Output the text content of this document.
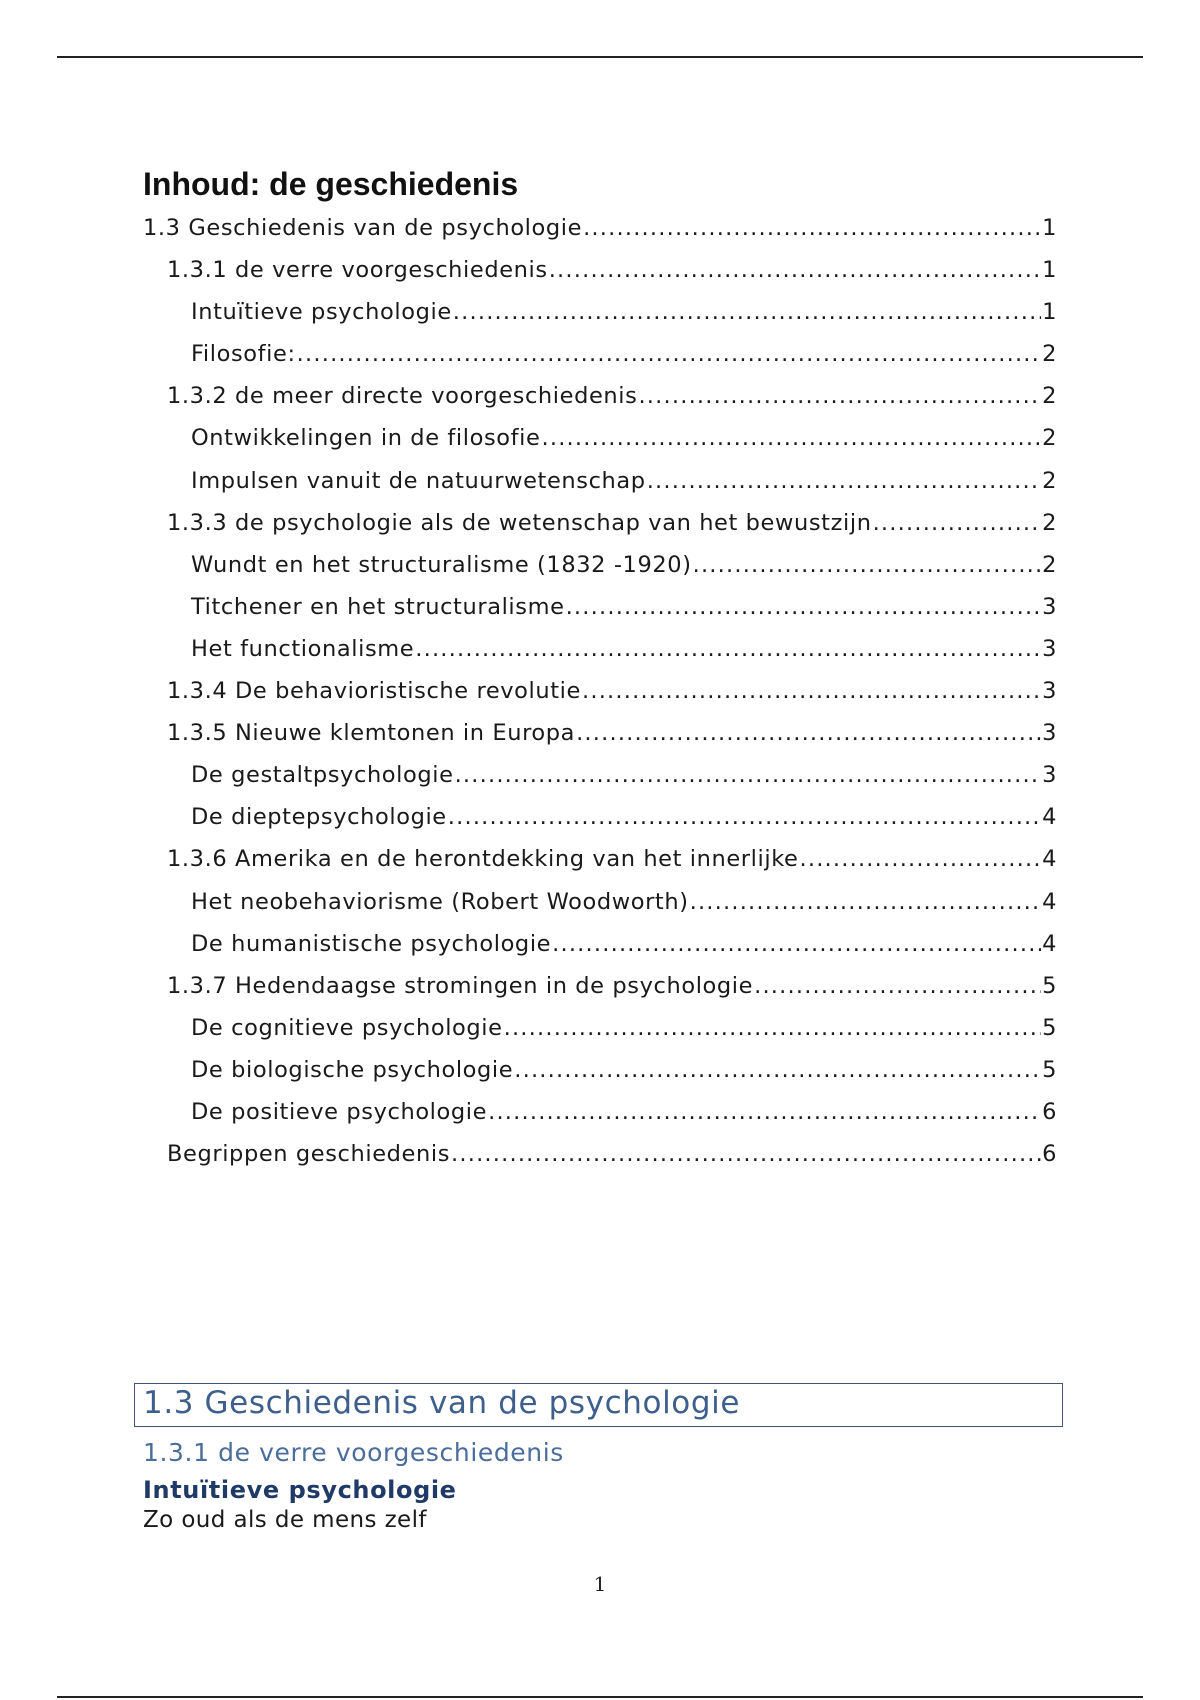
Inhoud: de geschiedenis
1.3 Geschiedenis van de psychologie .....	1
1.3.1 de verre voorgeschiedenis .....	1
Intuïtieve psychologie .....	1
Filosofie: .....	2
1.3.2 de meer directe voorgeschiedenis .....	2
Ontwikkelingen in de filosofie .....	2
Impulsen vanuit de natuurwetenschap .....	2
1.3.3 de psychologie als de wetenschap van het bewustzijn .....	2
Wundt en het structuralisme (1832 -1920) .....	2
Titchener en het structuralisme .....	3
Het functionalisme .....	3
1.3.4 De behavioristische revolutie .....	3
1.3.5 Nieuwe klemtonen in Europa .....	3
De gestaltpsychologie .....	3
De dieptepsychologie .....	4
1.3.6 Amerika en de herontdekking van het innerlijke .....	4
Het neobehaviorisme (Robert Woodworth) .....	4
De humanistische psychologie .....	4
1.3.7 Hedendaagse stromingen in de psychologie .....	5
De cognitieve psychologie .....	5
De biologische psychologie .....	5
De positieve psychologie .....	6
Begrippen geschiedenis .....	6
1.3 Geschiedenis van de psychologie
1.3.1 de verre voorgeschiedenis
Intuïtieve psychologie

Zo oud als de mens zelf

1
